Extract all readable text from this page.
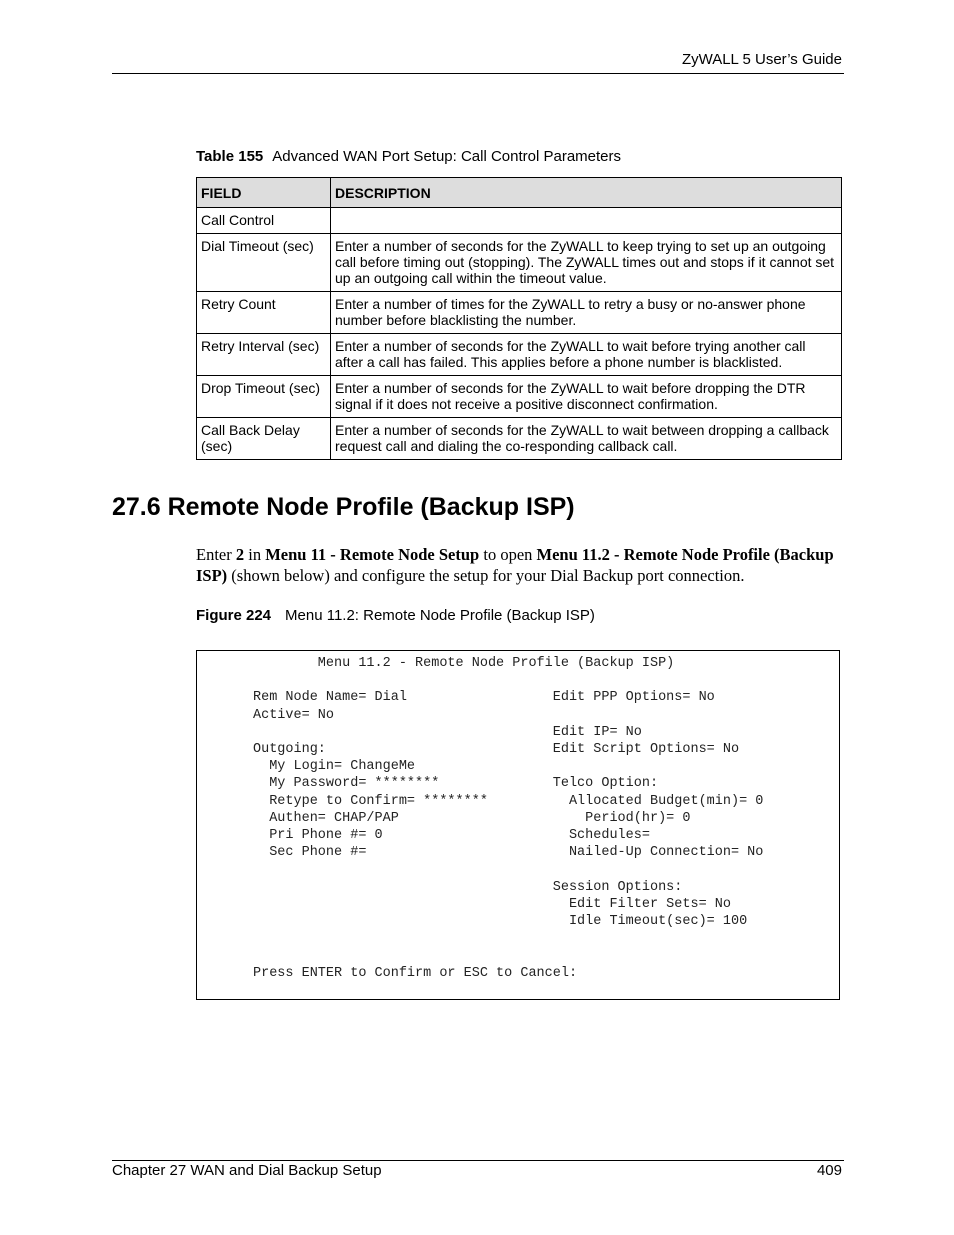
ZyWALL 5 User’s Guide
Table 155 Advanced WAN Port Setup: Call Control Parameters
FIELD	DESCRIPTION
Call Control	
Dial Timeout (sec)	Enter a number of seconds for the ZyWALL to keep trying to set up an outgoing call before timing out (stopping). The ZyWALL times out and stops if it cannot set up an outgoing call within the timeout value.
Retry Count	Enter a number of times for the ZyWALL to retry a busy or no-answer phone number before blacklisting the number.
Retry Interval (sec)	Enter a number of seconds for the ZyWALL to wait before trying another call after a call has failed. This applies before a phone number is blacklisted.
Drop Timeout (sec)	Enter a number of seconds for the ZyWALL to wait before dropping the DTR signal if it does not receive a positive disconnect confirmation.
Call Back Delay (sec)	Enter a number of seconds for the ZyWALL to wait between dropping a callback request call and dialing the co-responding callback call.
27.6 Remote Node Profile (Backup ISP)

Enter 2 in Menu 11 - Remote Node Setup to open Menu 11.2 - Remote Node Profile (Backup ISP) (shown below) and configure the setup for your Dial Backup port connection.

Figure 224 Menu 11.2: Remote Node Profile (Backup ISP)
Menu 11.2 - Remote Node Profile (Backup ISP)

Rem Node Name= Dial                  Edit PPP Options= No
Active= No
Edit IP= No
Outgoing:                            Edit Script Options= No
My Login= ChangeMe
My Password= ********              Telco Option:
Retype to Confirm= ********          Allocated Budget(min)= 0
Authen= CHAP/PAP                       Period(hr)= 0
Pri Phone #= 0                       Schedules=
Sec Phone #=                         Nailed-Up Connection= No

Session Options:
Edit Filter Sets= No
Idle Timeout(sec)= 100

Press ENTER to Confirm or ESC to Cancel:
Chapter 27 WAN and Dial Backup Setup	409
